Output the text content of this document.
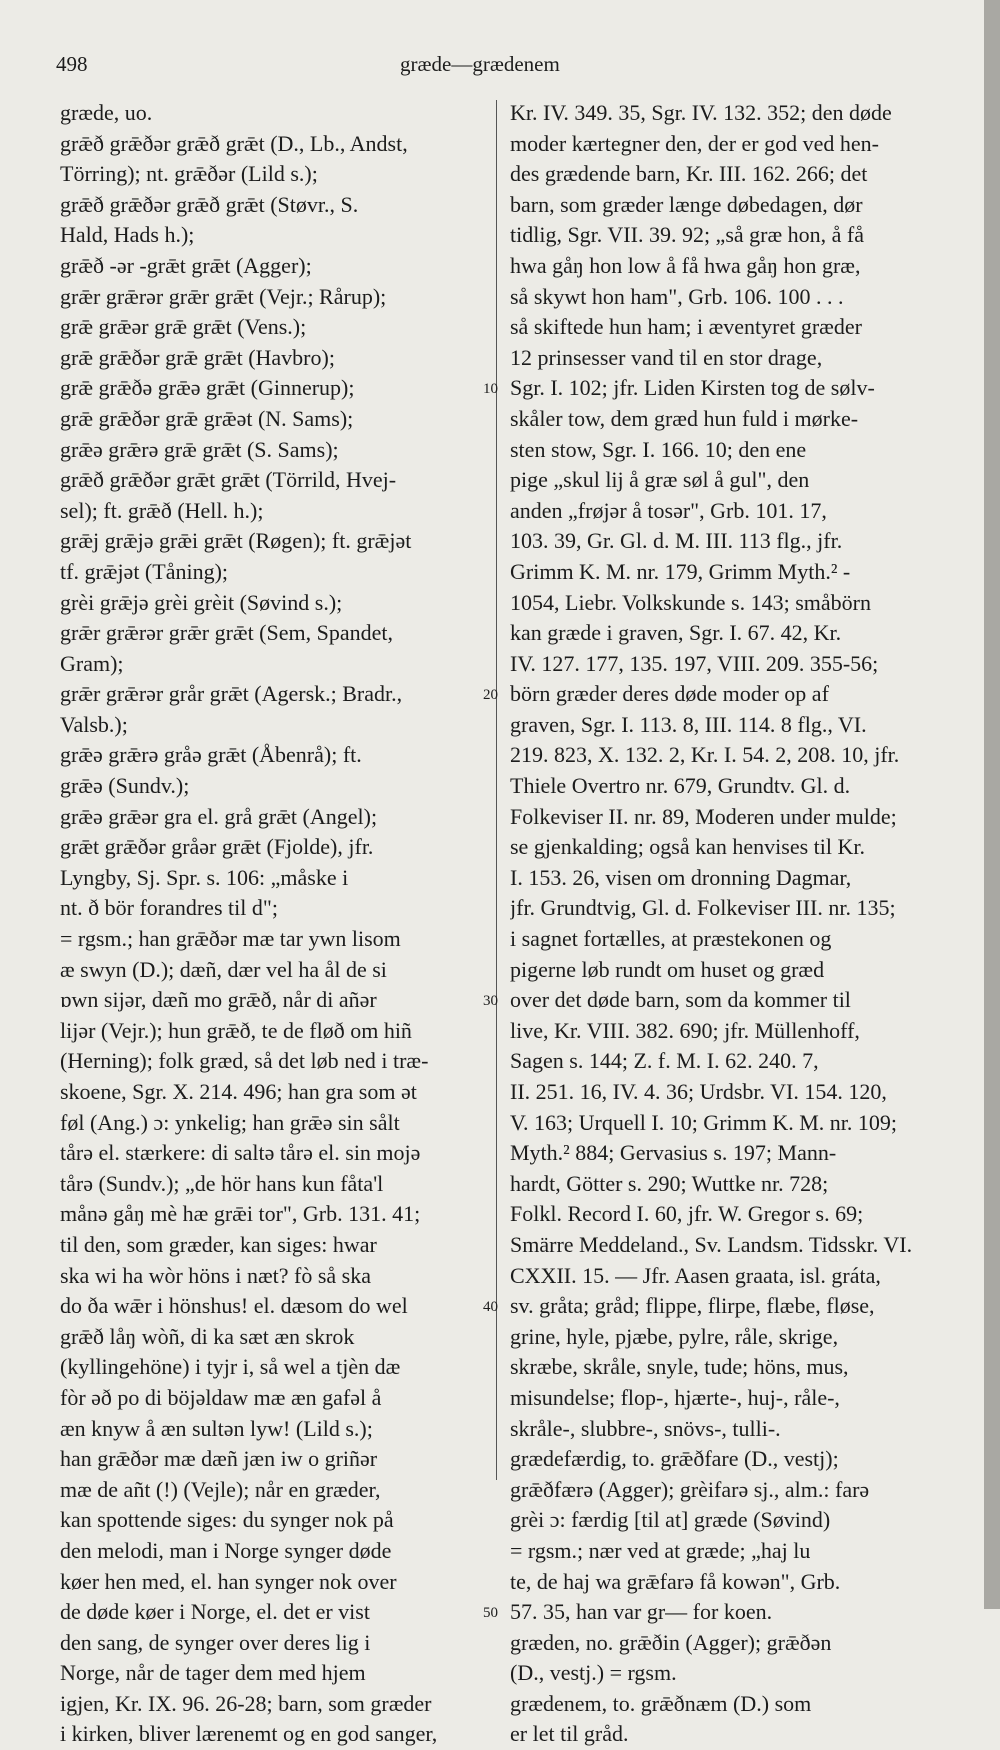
498	græde—grædenem
græde, uo.
grǣð grǣðər grǣð grǣt (D., Lb., Andst,
Törring); nt. grǣðər (Lild s.);
grǣð grǣðər grǣð grǣt (Støvr., S.
Hald, Hads h.);
grǣð -ər -grǣt grǣt (Agger);
grǣr grǣrər grǣr grǣt (Vejr.; Rårup);
grǣ grǣər grǣ grǣt (Vens.);
grǣ grǣðər grǣ grǣt (Havbro);
grǣ grǣðə grǣə grǣt (Ginnerup);
grǣ grǣðər grǣ grǣət (N. Sams);
grǣə grǣrə grǣ grǣt (S. Sams);
grǣð grǣðər grǣt grǣt (Törrild, Hvej-
sel); ft. grǣð (Hell. h.);
grǣj grǣjə grǣi grǣt (Røgen); ft. grǣjət
tf. grǣjət (Tåning);
grèi grǣjə grèi grèit (Søvind s.);
grǣr grǣrər grǣr grǣt (Sem, Spandet,
Gram);
grǣr grǣrər grår grǣt (Agersk.; Bradr.,
Valsb.);
grǣə grǣrə gråə grǣt (Åbenrå); ft.
grǣə (Sundv.);
grǣə grǣər gra el. grå grǣt (Angel);
grǣt grǣðər gråər grǣt (Fjolde), jfr.
Lyngby, Sj. Spr. s. 106: „måske i
nt. ð bör forandres til d";
= rgsm.; han grǣðər mæ tar ywn lisom
æ swyn (D.); dæñ, dær vel ha ål de si
ɒwn sijər, dæñ mo grǣð, når di añər
lijər (Vejr.); hun grǣð, te de fløð om hiñ
(Herning); folk græd, så det løb ned i træ-
skoene, Sgr. X. 214. 496; han gra som ət
føl (Ang.) ɔ: ynkelig; han grǣə sin sålt
tårə el. stærkere: di saltə tårə el. sin mojə
tårə (Sundv.); „de hör hans kun fåta'l
månə gåŋ mè hæ grǣi tor", Grb. 131. 41;
til den, som græder, kan siges: hwar
ska wi ha wòr höns i næt? fò så ska
do ða wǣr i hönshus! el. dæsom do wel
grǣð låŋ wòñ, di ka sæt æn skrok
(kyllingehöne) i tyjr i, så wel a tjèn dæ
fòr əð po di böjəldaw mæ æn gafəl å
æn knyw å æn sultən lyw! (Lild s.);
han grǣðər mæ dæñ jæn iw o griñər
mæ de añt (!) (Vejle); når en græder,
kan spottende siges: du synger nok på
den melodi, man i Norge synger døde
køer hen med, el. han synger nok over
de døde køer i Norge, el. det er vist
den sang, de synger over deres lig i
Norge, når de tager dem med hjem
igjen, Kr. IX. 96. 26-28; barn, som græder
i kirken, bliver lærenemt og en god sanger,
Kr. IV. 349. 35, Sgr. IV. 132. 352; den døde
moder kærtegner den, der er god ved hen-
des grædende barn, Kr. III. 162. 266; det
barn, som græder længe døbedagen, dør
tidlig, Sgr. VII. 39. 92; „så græ hon, å få
hwa gåŋ hon low å få hwa gåŋ hon græ,
så skywt hon ham", Grb. 106. 100 . . .
så skiftede hun ham; i æventyret græder
12 prinsesser vand til en stor drage,
Sgr. I. 102; jfr. Liden Kirsten tog de sølv-
skåler tow, dem græd hun fuld i mørke-
sten stow, Sgr. I. 166. 10; den ene
pige „skul lij å græ søl å gul", den
anden „frøjər å tosər", Grb. 101. 17,
103. 39, Gr. Gl. d. M. III. 113 flg., jfr.
Grimm K. M. nr. 179, Grimm Myth.² -
1054, Liebr. Volkskunde s. 143; småbörn
kan græde i graven, Sgr. I. 67. 42, Kr.
IV. 127. 177, 135. 197, VIII. 209. 355-56;
börn græder deres døde moder op af
graven, Sgr. I. 113. 8, III. 114. 8 flg., VI.
219. 823, X. 132. 2, Kr. I. 54. 2, 208. 10, jfr.
Thiele Overtro nr. 679, Grundtv. Gl. d.
Folkeviser II. nr. 89, Moderen under mulde;
se gjenkalding; også kan henvises til Kr.
I. 153. 26, visen om dronning Dagmar,
jfr. Grundtvig, Gl. d. Folkeviser III. nr. 135;
i sagnet fortælles, at præstekonen og
pigerne løb rundt om huset og græd
over det døde barn, som da kommer til
live, Kr. VIII. 382. 690; jfr. Müllenhoff,
Sagen s. 144; Z. f. M. I. 62. 240. 7,
II. 251. 16, IV. 4. 36; Urdsbr. VI. 154. 120,
V. 163; Urquell I. 10; Grimm K. M. nr. 109;
Myth.² 884; Gervasius s. 197; Mann-
hardt, Götter s. 290; Wuttke nr. 728;
Folkl. Record I. 60, jfr. W. Gregor s. 69;
Smärre Meddeland., Sv. Landsm. Tidsskr. VI.
CXXII. 15. — Jfr. Aasen graata, isl. gráta,
sv. gråta; gråd; flippe, flirpe, flæbe, fløse,
grine, hyle, pjæbe, pylre, råle, skrige,
skræbe, skråle, snyle, tude; höns, mus,
misundelse; flop-, hjærte-, huj-, råle-,
skråle-, slubbre-, snövs-, tulli-.
grædefærdig, to. grǣðfare (D., vestj);
grǣðfærə (Agger); grèifarə sj., alm.: farə
grèi ɔ: færdig [til at] græde (Søvind)
= rgsm.; nær ved at græde; „haj lu
te, de haj wa grǣfarə få kowən", Grb.
57. 35, han var gr— for koen.
græden, no. grǣðin (Agger); grǣðən
(D., vestj.) = rgsm.
grædenem, to. grǣðnæm (D.) som
er let til gråd.
10
20
30
40
50
